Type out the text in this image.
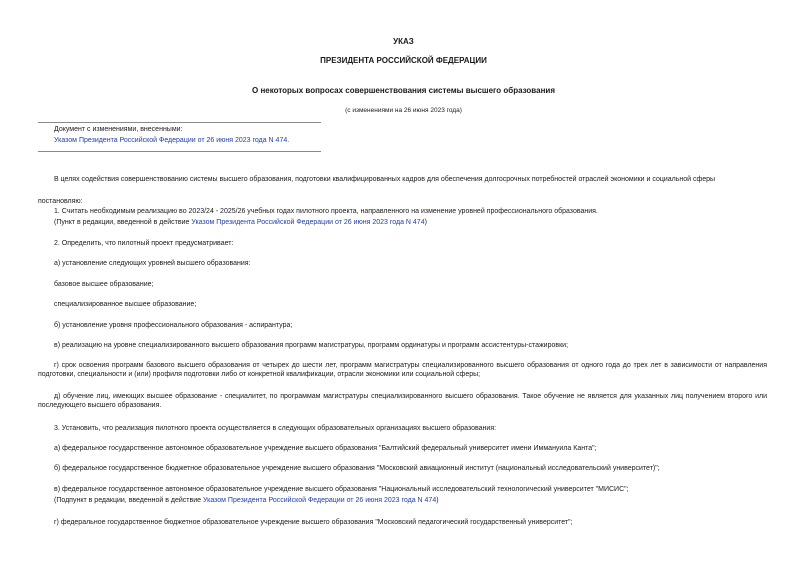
УКАЗ
ПРЕЗИДЕНТА РОССИЙСКОЙ ФЕДЕРАЦИИ
О некоторых вопросах совершенствования системы высшего образования
(с изменениями на 26 июня 2023 года)
Документ с изменениями, внесенными:
Указом Президента Российской Федерации от 26 июня 2023 года N 474.
В целях содействия совершенствованию системы высшего образования, подготовки квалифицированных кадров для обеспечения долгосрочных потребностей отраслей экономики и социальной сферы
постановляю:
1. Считать необходимым реализацию во 2023/24 - 2025/26 учебных годах пилотного проекта, направленного на изменение уровней профессионального образования.
(Пункт в редакции, введенной в действие Указом Президента Российской Федерации от 26 июня 2023 года N 474)
2. Определить, что пилотный проект предусматривает:
а) установление следующих уровней высшего образования:
базовое высшее образование;
специализированное высшее образование;
б) установление уровня профессионального образования - аспирантура;
в) реализацию на уровне специализированного высшего образования программ магистратуры, программ ординатуры и программ ассистентуры-стажировки;
г) срок освоения программ базового высшего образования от четырех до шести лет, программ магистратуры специализированного высшего образования от одного года до трех лет в зависимости от направления подготовки, специальности и (или) профиля подготовки либо от конкретной квалификации, отрасли экономики или социальной сферы;
д) обучение лиц, имеющих высшее образование - специалитет, по программам магистратуры специализированного высшего образования. Такое обучение не является для указанных лиц получением второго или последующего высшего образования.
3. Установить, что реализация пилотного проекта осуществляется в следующих образовательных организациях высшего образования:
а) федеральное государственное автономное образовательное учреждение высшего образования "Балтийский федеральный университет имени Иммануила Канта";
б) федеральное государственное бюджетное образовательное учреждение высшего образования "Московский авиационный институт (национальный исследовательский университет)";
в) федеральное государственное автономное образовательное учреждение высшего образования "Национальный исследовательский технологический университет "МИСИС";
(Подпункт в редакции, введенной в действие Указом Президента Российской Федерации от 26 июня 2023 года N 474)
г) федеральное государственное бюджетное образовательное учреждение высшего образования "Московский педагогический государственный университет";
